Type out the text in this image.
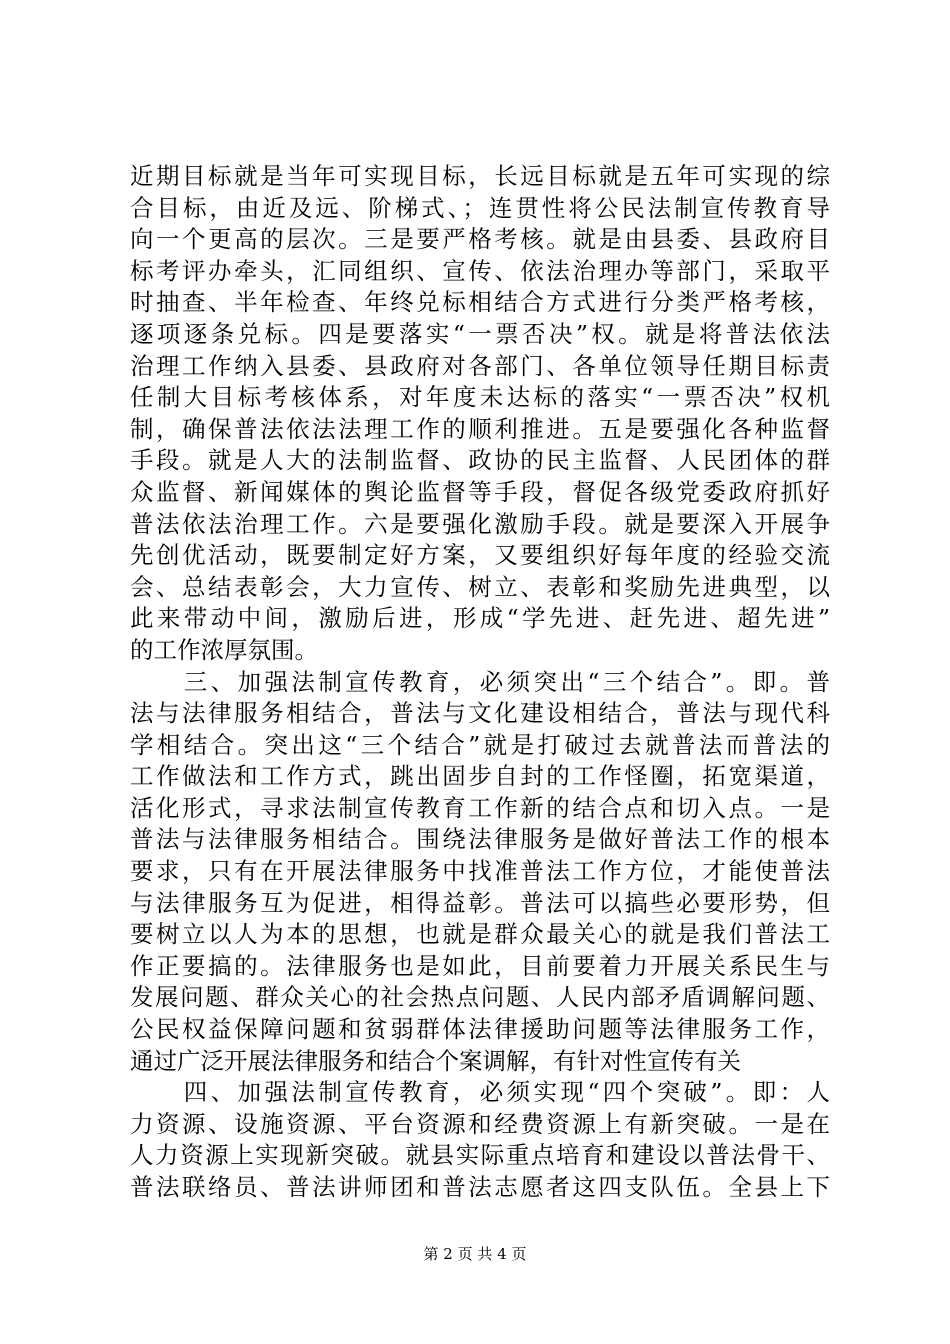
近期目标就是当年可实现目标，长远目标就是五年可实现的综
合目标，由近及远、阶梯式、；连贯性将公民法制宣传教育导
向一个更高的层次。三是要严格考核。就是由县委、县政府目
标考评办牵头，汇同组织、宣传、依法治理办等部门，采取平
时抽查、半年检查、年终兑标相结合方式进行分类严格考核，
逐项逐条兑标。四是要落实“一票否决”权。就是将普法依法
治理工作纳入县委、县政府对各部门、各单位领导任期目标责
任制大目标考核体系，对年度未达标的落实“一票否决”权机
制，确保普法依法法理工作的顺利推进。五是要强化各种监督
手段。就是人大的法制监督、政协的民主监督、人民团体的群
众监督、新闻媒体的舆论监督等手段，督促各级党委政府抓好
普法依法治理工作。六是要强化激励手段。就是要深入开展争
先创优活动，既要制定好方案，又要组织好每年度的经验交流
会、总结表彰会，大力宣传、树立、表彰和奖励先进典型，以
此来带动中间，激励后进，形成“学先进、赶先进、超先进”
的工作浓厚氛围。
　　三、加强法制宣传教育，必须突出“三个结合”。即。普
法与法律服务相结合，普法与文化建设相结合，普法与现代科
学相结合。突出这“三个结合”就是打破过去就普法而普法的
工作做法和工作方式，跳出固步自封的工作怪圈，拓宽渠道，
活化形式，寻求法制宣传教育工作新的结合点和切入点。一是
普法与法律服务相结合。围绕法律服务是做好普法工作的根本
要求，只有在开展法律服务中找准普法工作方位，才能使普法
与法律服务互为促进，相得益彰。普法可以搞些必要形势，但
要树立以人为本的思想，也就是群众最关心的就是我们普法工
作正要搞的。法律服务也是如此，目前要着力开展关系民生与
发展问题、群众关心的社会热点问题、人民内部矛盾调解问题、
公民权益保障问题和贫弱群体法律援助问题等法律服务工作，
通过广泛开展法律服务和结合个案调解，有针对性宣传有关
　　四、加强法制宣传教育，必须实现“四个突破”。即：人
力资源、设施资源、平台资源和经费资源上有新突破。一是在
人力资源上实现新突破。就县实际重点培育和建设以普法骨干、
普法联络员、普法讲师团和普法志愿者这四支队伍。全县上下
第 2 页 共 4 页
